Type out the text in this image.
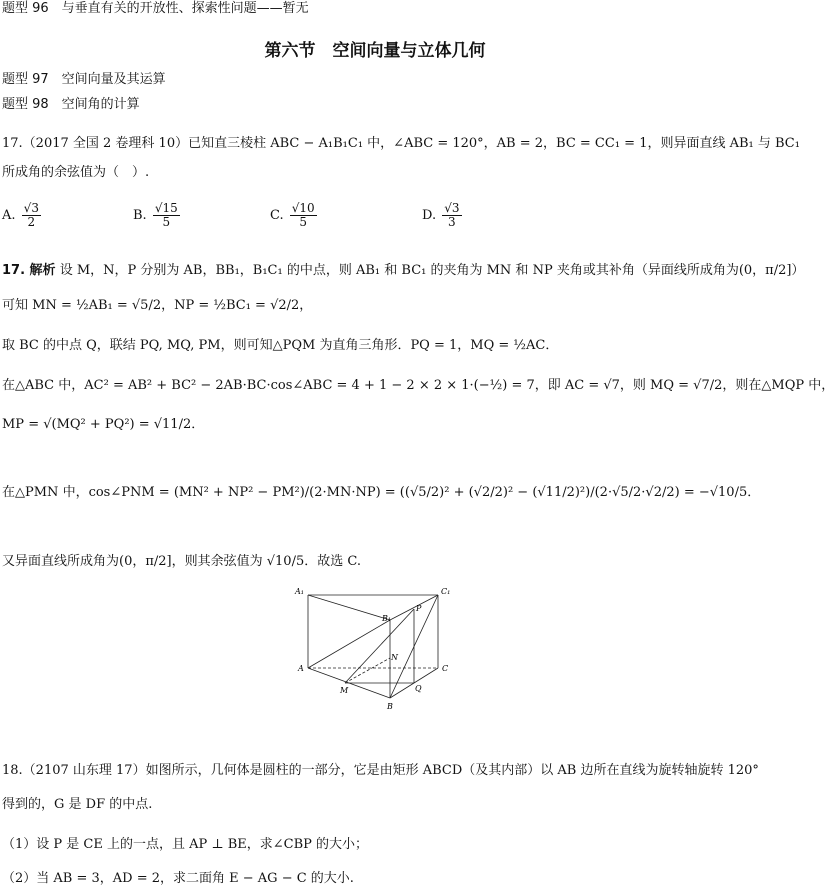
题型 96　与垂直有关的开放性、探索性问题——暂无
第六节　空间向量与立体几何
题型 97　空间向量及其运算
题型 98　空间角的计算
17.（2017 全国 2 卷理科 10）已知直三棱柱 ABC − A₁B₁C₁ 中，∠ABC = 120°，AB = 2，BC = CC₁ = 1，则异面直线 AB₁ 与 BC₁
所成角的余弦值为（　）.
A. $\frac{√3}{2}$	B. $\frac{√15}{5}$	C. $\frac{√10}{5}$	D. $\frac{√3}{3}$
17. 解析 设 M，N，P 分别为 AB，BB₁，B₁C₁ 的中点，则 AB₁ 和 BC₁ 的夹角为 MN 和 NP 夹角或其补角（异面线所成角为(0，π/2]）
可知 MN = ½AB₁ = √5/2，NP = ½BC₁ = √2/2，
取 BC 的中点 Q，联结 PQ, MQ, PM，则可知△PQM 为直角三角形．PQ = 1，MQ = ½AC．
在△ABC 中，AC² = AB² + BC² − 2AB·BC·cos∠ABC = 4 + 1 − 2 × 2 × 1·(−½) = 7，即 AC = √7，则 MQ = √7/2，则在△MQP 中，
MP = √(MQ² + PQ²) = √11/2．
在△PMN 中，cos∠PNM = (MN² + NP² − PM²)/(2·MN·NP) = ((√5/2)² + (√2/2)² − (√11/2)²)/(2·√5/2·√2/2) = −√10/5．
又异面直线所成角为(0，π/2]，则其余弦值为 √10/5．故选 C.
A₁	C₁
B₁
P
N
A	C
M	Q
B
18.（2107 山东理 17）如图所示，几何体是圆柱的一部分，它是由矩形 ABCD（及其内部）以 AB 边所在直线为旋转轴旋转 120°
得到的，G 是 DF 的中点.
（1）设 P 是 CE 上的一点，且 AP ⊥ BE，求∠CBP 的大小；
（2）当 AB = 3，AD = 2，求二面角 E − AG − C 的大小.
